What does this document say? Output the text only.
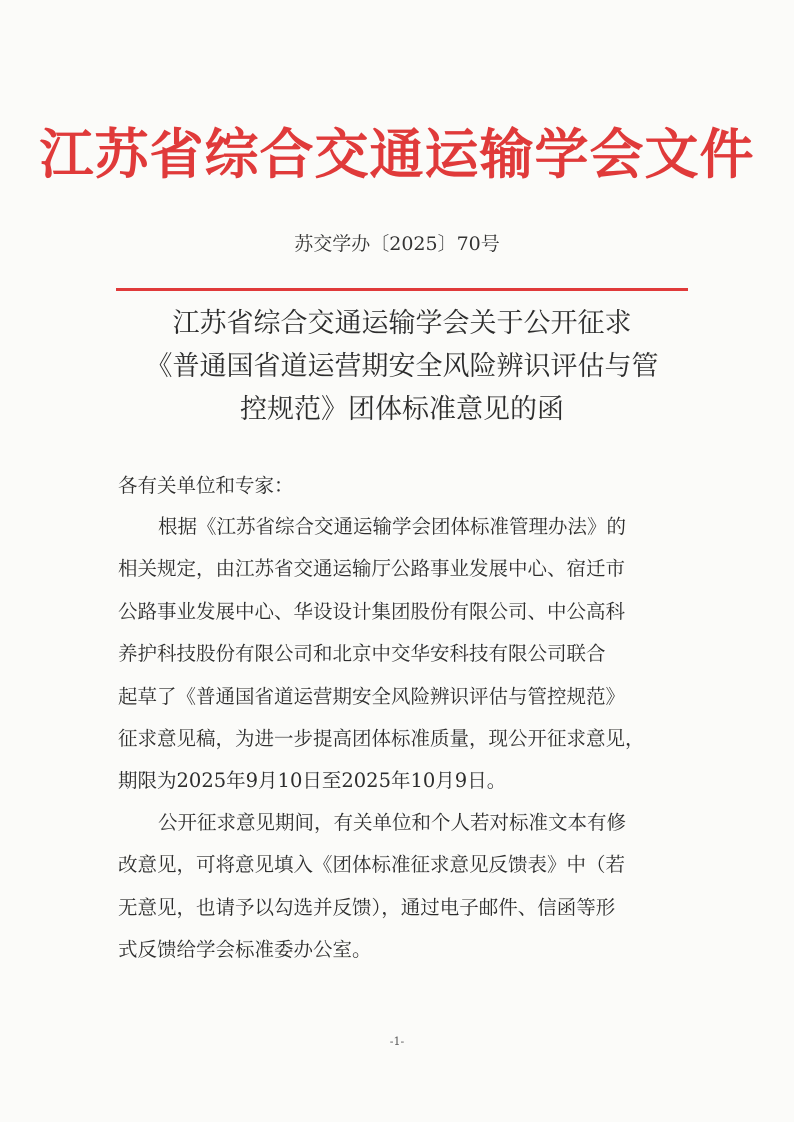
江苏省综合交通运输学会文件
苏交学办〔2025〕70号
江苏省综合交通运输学会关于公开征求
《普通国省道运营期安全风险辨识评估与管
控规范》团体标准意见的函
各有关单位和专家：
根据《江苏省综合交通运输学会团体标准管理办法》的
相关规定，由江苏省交通运输厅公路事业发展中心、宿迁市
公路事业发展中心、华设设计集团股份有限公司、中公高科
养护科技股份有限公司和北京中交华安科技有限公司联合
起草了《普通国省道运营期安全风险辨识评估与管控规范》
征求意见稿，为进一步提高团体标准质量，现公开征求意见，
期限为2025年9月10日至2025年10月9日。
公开征求意见期间，有关单位和个人若对标准文本有修
改意见，可将意见填入《团体标准征求意见反馈表》中（若
无意见，也请予以勾选并反馈），通过电子邮件、信函等形
式反馈给学会标准委办公室。
-1-
